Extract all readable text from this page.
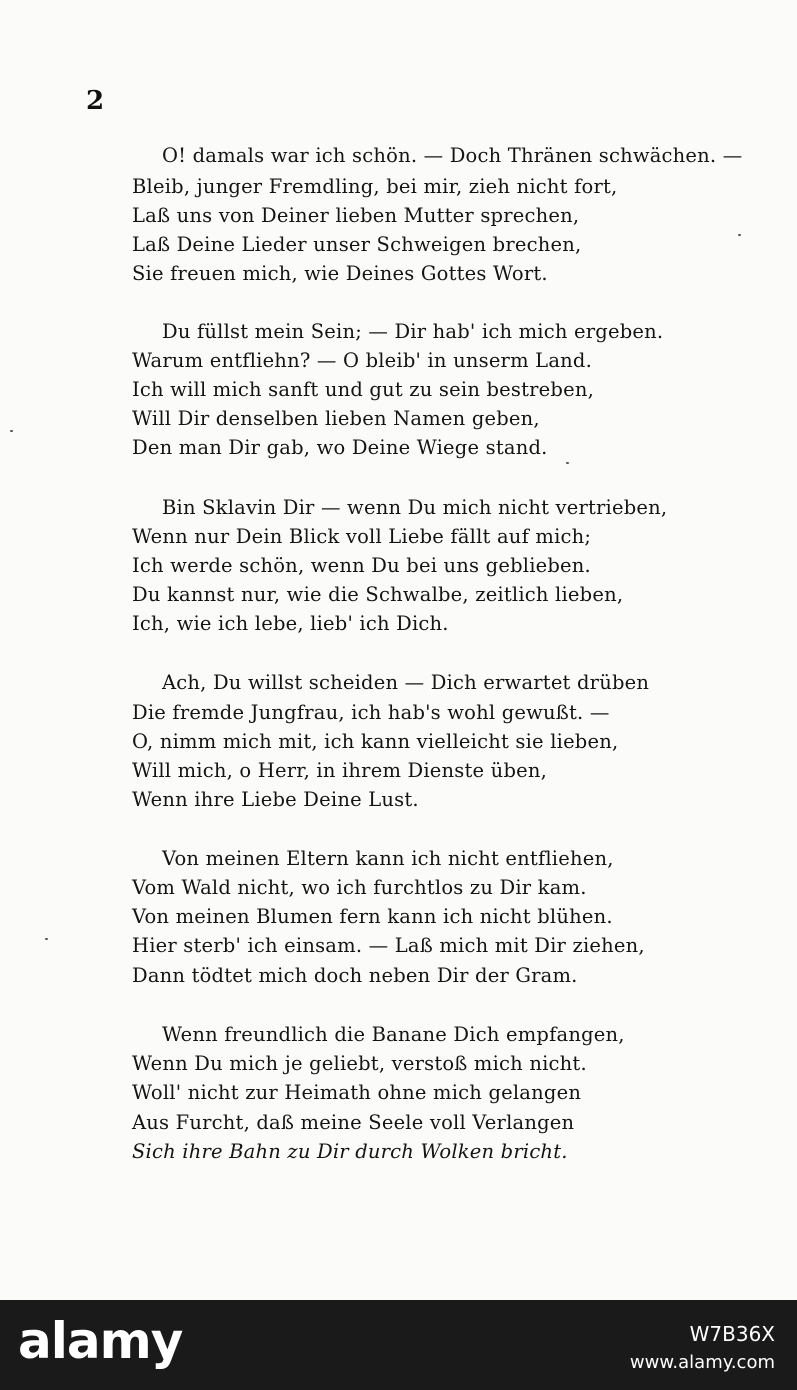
2
O! damals war ich schön. — Doch Thränen schwächen. —
Bleib, junger Fremdling, bei mir, zieh nicht fort,
Laß uns von Deiner lieben Mutter sprechen,
Laß Deine Lieder unser Schweigen brechen,
Sie freuen mich, wie Deines Gottes Wort.
Du füllst mein Sein; — Dir hab' ich mich ergeben.
Warum entfliehn? — O bleib' in unserm Land.
Ich will mich sanft und gut zu sein bestreben,
Will Dir denselben lieben Namen geben,
Den man Dir gab, wo Deine Wiege stand.
Bin Sklavin Dir — wenn Du mich nicht vertrieben,
Wenn nur Dein Blick voll Liebe fällt auf mich;
Ich werde schön, wenn Du bei uns geblieben.
Du kannst nur, wie die Schwalbe, zeitlich lieben,
Ich, wie ich lebe, lieb' ich Dich.
Ach, Du willst scheiden — Dich erwartet drüben
Die fremde Jungfrau, ich hab's wohl gewußt. —
O, nimm mich mit, ich kann vielleicht sie lieben,
Will mich, o Herr, in ihrem Dienste üben,
Wenn ihre Liebe Deine Lust.
Von meinen Eltern kann ich nicht entfliehen,
Vom Wald nicht, wo ich furchtlos zu Dir kam.
Von meinen Blumen fern kann ich nicht blühen.
Hier sterb' ich einsam. — Laß mich mit Dir ziehen,
Dann tödtet mich doch neben Dir der Gram.
Wenn freundlich die Banane Dich empfangen,
Wenn Du mich je geliebt, verstoß mich nicht.
Woll' nicht zur Heimath ohne mich gelangen
Aus Furcht, daß meine Seele voll Verlangen
Sich ihre Bahn zu Dir durch Wolken bricht.
alamy	W7B36X
www.alamy.com
